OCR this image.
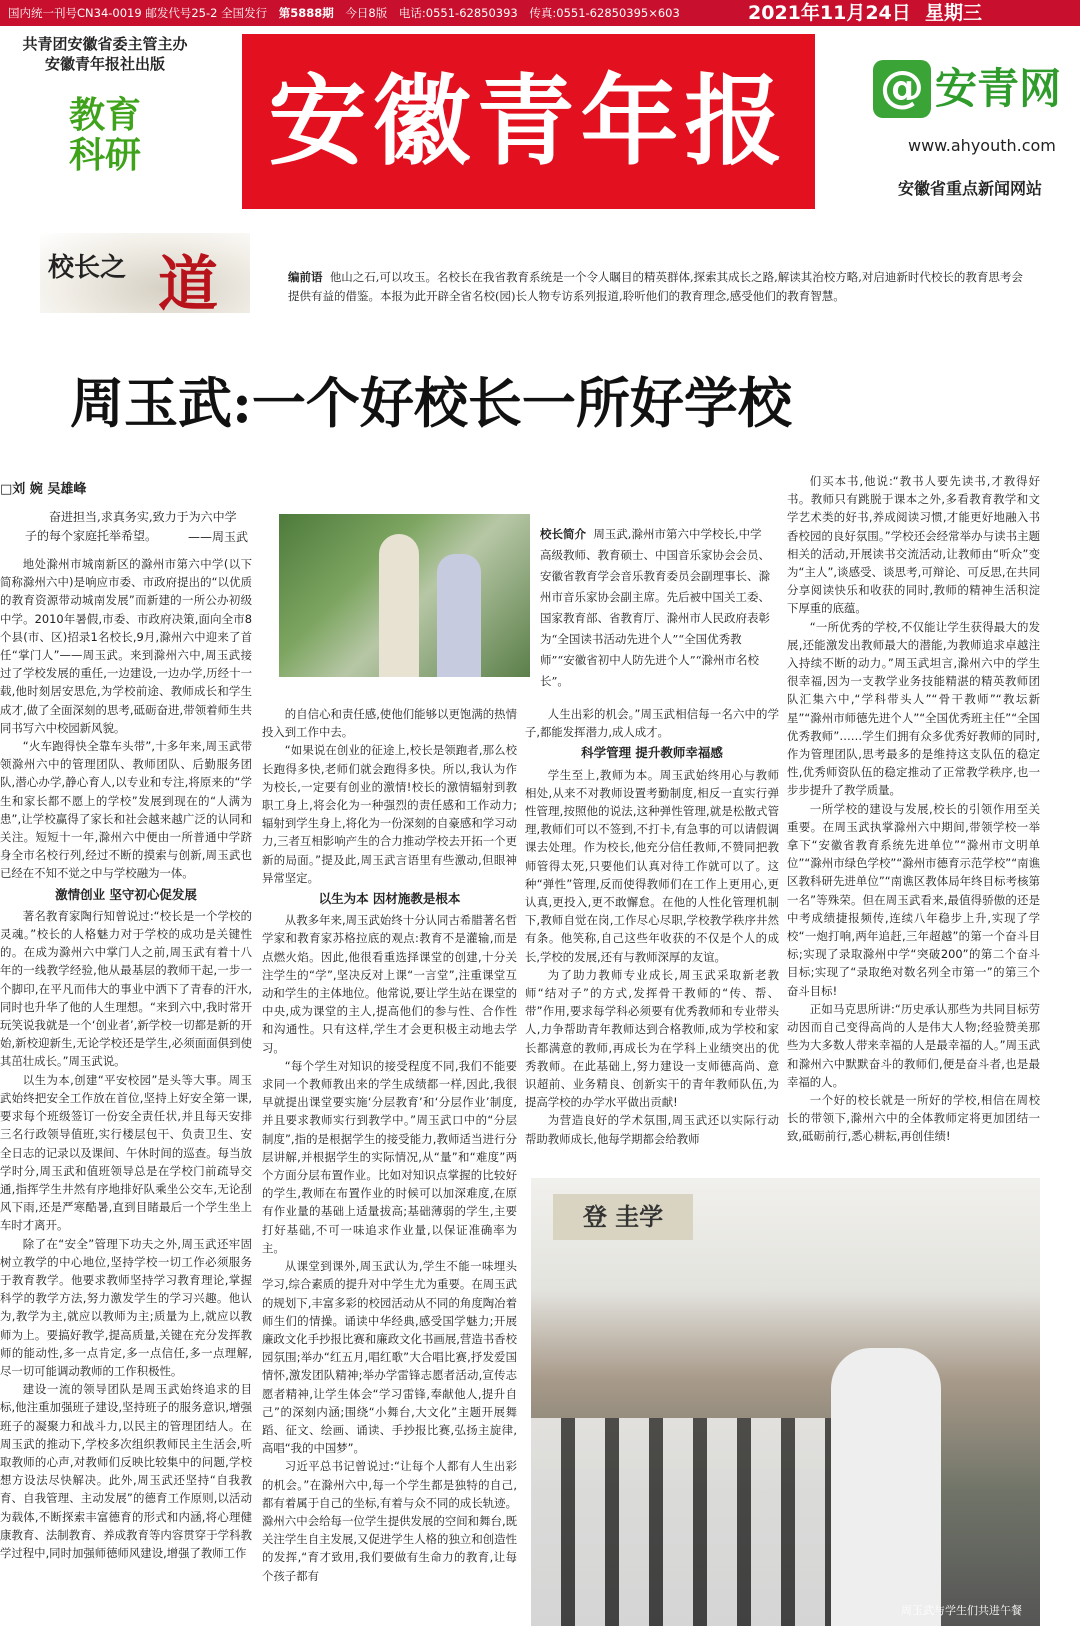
国内统一刊号CN34-0019 邮发代号25-2 全国发行 第5888期 今日8版 电话:0551-62850393 传真:0551-62850395×603	2021年11月24日 星期三
共青团安徽省委主管主办
安徽青年报社出版
教育科研 安徽青年报	@ 安青网
www.ahyouth.com
安徽省重点新闻网站
校长之 道	编前语 他山之石,可以攻玉。名校长在我省教育系统是一个令人瞩目的精英群体,探索其成长之路,解读其治校方略,对启迪新时代校长的教育思考会提供有益的借鉴。本报为此开辟全省名校(园)长人物专访系列报道,聆听他们的教育理念,感受他们的教育智慧。
周玉武:一个好校长一所好学校
□刘 婉 吴雄峰
奋进担当,求真务实,致力于为六中学子的每个家庭托举希望。	——周玉武	校长简介 周玉武,滁州市第六中学校长,中学高级教师、教育硕士、中国音乐家协会会员、安徽省教育学会音乐教育委员会副理事长、滁州市音乐家协会副主席。先后被中国关工委、国家教育部、省教育厅、滁州市人民政府表彰为“全国读书活动先进个人”“全国优秀教师”“安徽省初中人防先进个人”“滁州市名校长”。

地处滁州市城南新区的滁州市第六中学(以下简称滁州六中)是响应市委、市政府提出的“以优质的教育资源带动城南发展”而新建的一所公办初级中学。2010年暑假,市委、市政府决策,面向全市8个县(市、区)招录1名校长,9月,滁州六中迎来了首任“掌门人”——周玉武。来到滁州六中,周玉武接过了学校发展的重任,一边建设,一边办学,历经十一载,他时刻居安思危,为学校前途、教师成长和学生成才,做了全面深刻的思考,砥砺奋进,带领着师生共同书写六中校园新风貌。

“火车跑得快全靠车头带”,十多年来,周玉武带领滁州六中的管理团队、教师团队、后勤服务团队,潜心办学,静心育人,以专业和专注,将原来的“学生和家长都不愿上的学校”发展到现在的“人满为患”,让学校赢得了家长和社会越来越广泛的认同和关注。短短十一年,滁州六中便由一所普通中学跻身全市名校行列,经过不断的摸索与创新,周玉武也已经在不知不觉之中与学校融为一体。

激情创业 坚守初心促发展

著名教育家陶行知曾说过:“校长是一个学校的灵魂。”校长的人格魅力对于学校的成功是关键性的。在成为滁州六中掌门人之前,周玉武有着十八年的一线教学经验,他从最基层的教师干起,一步一个脚印,在平凡而伟大的事业中洒下了青春的汗水,同时也升华了他的人生理想。“来到六中,我时常开玩笑说我就是一个‘创业者’,新学校一切都是新的开始,新校迎新生,无论学校还是学生,必须面面俱到使其茁壮成长。”周玉武说。

以生为本,创建“平安校园”是头等大事。周玉武始终把安全工作放在首位,坚持上好安全第一课,要求每个班级签订一份安全责任状,并且每天安排三名行政领导值班,实行楼层包干、负责卫生、安全日志的记录以及课间、午休时间的巡查。每当放学时分,周玉武和值班领导总是在学校门前疏导交通,指挥学生井然有序地排好队乘坐公交车,无论刮风下雨,还是严寒酷暑,直到目睹最后一个学生坐上车时才离开。

除了在“安全”管理下功夫之外,周玉武还牢固树立教学的中心地位,坚持学校一切工作必须服务于教育教学。他要求教师坚持学习教育理论,掌握科学的教学方法,努力激发学生的学习兴趣。他认为,教学为主,就应以教师为主;质量为上,就应以教师为上。要搞好教学,提高质量,关键在充分发挥教师的能动性,多一点肯定,多一点信任,多一点理解,尽一切可能调动教师的工作积极性。

建设一流的领导团队是周玉武始终追求的目标,他注重加强班子建设,坚持班子的服务意识,增强班子的凝聚力和战斗力,以民主的管理团结人。在周玉武的推动下,学校多次组织教师民主生活会,听取教师的心声,对教师们反映比较集中的问题,学校想方设法尽快解决。此外,周玉武还坚持“自我教育、自我管理、主动发展”的德育工作原则,以活动为载体,不断探索丰富德育的形式和内涵,将心理健康教育、法制教育、养成教育等内容贯穿于学科教学过程中,同时加强师德师风建设,增强了教师工作

的自信心和责任感,使他们能够以更饱满的热情投入到工作中去。

“如果说在创业的征途上,校长是领跑者,那么校长跑得多快,老师们就会跑得多快。所以,我认为作为校长,一定要有创业的激情!校长的激情辐射到教职工身上,将会化为一种强烈的责任感和工作动力;辐射到学生身上,将化为一份深刻的自豪感和学习动力,三者互相影响产生的合力推动学校去开拓一个更新的局面。”提及此,周玉武言语里有些激动,但眼神异常坚定。

以生为本 因材施教是根本

从教多年来,周玉武始终十分认同古希腊著名哲学家和教育家苏格拉底的观点:教育不是灌输,而是点燃火焰。因此,他很看重选择课堂的创建,十分关注学生的“学”,坚决反对上课“一言堂”,注重课堂互动和学生的主体地位。他常说,要让学生站在课堂的中央,成为课堂的主人,提高他们的参与性、合作性和沟通性。只有这样,学生才会更积极主动地去学习。

“每个学生对知识的接受程度不同,我们不能要求同一个教师教出来的学生成绩都一样,因此,我很早就提出课堂要实施‘分层教育’和‘分层作业’制度,并且要求教师实行到教学中。”周玉武口中的“分层制度”,指的是根据学生的接受能力,教师适当进行分层讲解,并根据学生的实际情况,从“量”和“难度”两个方面分层布置作业。比如对知识点掌握的比较好的学生,教师在布置作业的时候可以加深难度,在原有作业量的基础上适量拔高;基础薄弱的学生,主要打好基础,不可一味追求作业量,以保证准确率为主。

从课堂到课外,周玉武认为,学生不能一味埋头学习,综合素质的提升对中学生尤为重要。在周玉武的规划下,丰富多彩的校园活动从不同的角度陶冶着师生们的情操。诵读中华经典,感受国学魅力;开展廉政文化手抄报比赛和廉政文化书画展,营造书香校园氛围;举办“红五月,唱红歌”大合唱比赛,抒发爱国情怀,激发团队精神;举办学雷锋志愿者活动,宣传志愿者精神,让学生体会“学习雷锋,奉献他人,提升自己”的深刻内涵;围绕“小舞台,大文化”主题开展舞蹈、征文、绘画、诵读、手抄报比赛,弘扬主旋律,高唱“我的中国梦”。

习近平总书记曾说过:“让每个人都有人生出彩的机会。”在滁州六中,每一个学生都是独特的自己,都有着属于自己的坐标,有着与众不同的成长轨迹。滁州六中会给每一位学生提供发展的空间和舞台,既关注学生自主发展,又促进学生人格的独立和创造性的发挥,“育才致用,我们要做有生命力的教育,让每个孩子都有

人生出彩的机会。”周玉武相信每一名六中的学子,都能发挥潜力,成人成才。

科学管理 提升教师幸福感

学生至上,教师为本。周玉武始终用心与教师相处,从来不对教师设置考勤制度,相反一直实行弹性管理,按照他的说法,这种弹性管理,就是松散式管理,教师们可以不签到,不打卡,有急事的可以请假调课去处理。作为校长,他充分信任教师,不赞同把教师管得太死,只要他们认真对待工作就可以了。这种“弹性”管理,反而使得教师们在工作上更用心,更认真,更投入,更不敢懈怠。在他的人性化管理机制下,教师自觉在岗,工作尽心尽职,学校教学秩序井然有条。他笑称,自己这些年收获的不仅是个人的成长,学校的发展,还有与教师深厚的友谊。

为了助力教师专业成长,周玉武采取新老教师“结对子”的方式,发挥骨干教师的“传、帮、带”作用,要求每学科必须要有优秀教师和专业带头人,力争帮助青年教师达到合格教师,成为学校和家长都满意的教师,再成长为在学科上业绩突出的优秀教师。在此基础上,努力建设一支师德高尚、意识超前、业务精良、创新实干的青年教师队伍,为提高学校的办学水平做出贡献!

为营造良好的学术氛围,周玉武还以实际行动帮助教师成长,他每学期都会给教师

们买本书,他说:“教书人要先读书,才教得好书。教师只有跳脱于课本之外,多看教育教学和文学艺术类的好书,养成阅读习惯,才能更好地融入书香校园的良好氛围。”学校还会经常举办与读书主题相关的活动,开展读书交流活动,让教师由“听众”变为“主人”,谈感受、谈思考,可辩论、可反思,在共同分享阅读快乐和收获的同时,教师的精神生活积淀下厚重的底蕴。

“一所优秀的学校,不仅能让学生获得最大的发展,还能激发出教师最大的潜能,为教师追求卓越注入持续不断的动力。”周玉武坦言,滁州六中的学生很幸福,因为一支教学业务技能精湛的精英教师团队汇集六中,“学科带头人”“骨干教师”“教坛新星”“滁州市师德先进个人”“全国优秀班主任”“全国优秀教师”……学生们拥有众多优秀好教师的同时,作为管理团队,思考最多的是维持这支队伍的稳定性,优秀师资队伍的稳定推动了正常教学秩序,也一步步提升了教学质量。

一所学校的建设与发展,校长的引领作用至关重要。在周玉武执掌滁州六中期间,带领学校一举拿下“安徽省教育系统先进单位”“滁州市文明单位”“滁州市绿色学校”“滁州市德育示范学校”“南谯区教科研先进单位”“南谯区教体局年终目标考核第一名”等殊荣。但在周玉武看来,最值得骄傲的还是中考成绩捷报频传,连续八年稳步上升,实现了学校“一炮打响,两年追赶,三年超越”的第一个奋斗目标;实现了录取滁州中学“突破200”的第二个奋斗目标;实现了“录取绝对数名列全市第一”的第三个奋斗目标!

正如马克思所讲:“历史承认那些为共同目标劳动因而自己变得高尚的人是伟大人物;经验赞美那些为大多数人带来幸福的人是最幸福的人。”周玉武和滁州六中默默奋斗的教师们,便是奋斗者,也是最幸福的人。

一个好的校长就是一所好的学校,相信在周校长的带领下,滁州六中的全体教师定将更加团结一致,砥砺前行,悉心耕耘,再创佳绩!

登 圭学
周玉武与学生们共进午餐
